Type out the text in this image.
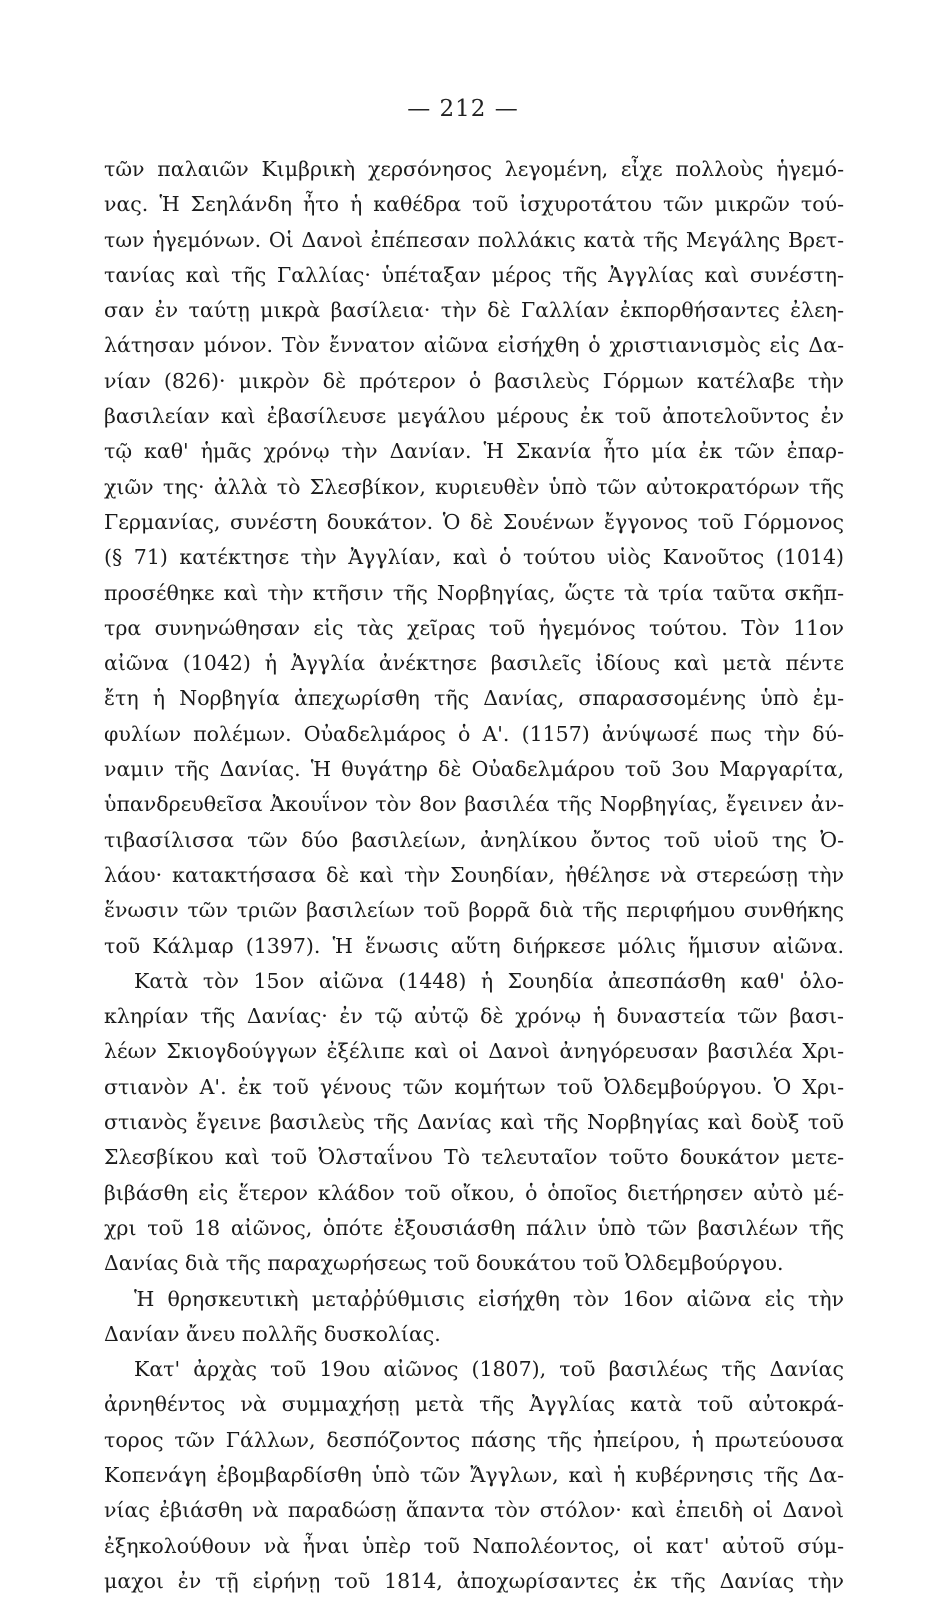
— 212 —
τῶν παλαιῶν Κιμβρικὴ χερσόνησος λεγομένη, εἶχε πολλοὺς ἡγεμό-
νας. Ἡ Σεηλάνδη ἦτο ἡ καθέδρα τοῦ ἰσχυροτάτου τῶν μικρῶν τού-
των ἡγεμόνων. Οἱ Δανοὶ ἐπέπεσαν πολλάκις κατὰ τῆς Μεγάλης Βρετ-
τανίας καὶ τῆς Γαλλίας· ὑπέταξαν μέρος τῆς Ἀγγλίας καὶ συνέστη-
σαν ἐν ταύτῃ μικρὰ βασίλεια· τὴν δὲ Γαλλίαν ἐκπορθήσαντες ἐλεη-
λάτησαν μόνον. Τὸν ἔννατον αἰῶνα εἰσήχθη ὁ χριστιανισμὸς εἰς Δα-
νίαν (826)· μικρὸν δὲ πρότερον ὁ βασιλεὺς Γόρμων κατέλαβε τὴν
βασιλείαν καὶ ἐβασίλευσε μεγάλου μέρους ἐκ τοῦ ἀποτελοῦντος ἐν
τῷ καθ' ἡμᾶς χρόνῳ τὴν Δανίαν. Ἡ Σκανία ἦτο μία ἐκ τῶν ἐπαρ-
χιῶν της· ἀλλὰ τὸ Σλεσβίκον, κυριευθὲν ὑπὸ τῶν αὐτοκρατόρων τῆς
Γερμανίας, συνέστη δουκάτον. Ὁ δὲ Σουένων ἔγγονος τοῦ Γόρμονος
(§ 71) κατέκτησε τὴν Ἀγγλίαν, καὶ ὁ τούτου υἱὸς Κανοῦτος (1014)
προσέθηκε καὶ τὴν κτῆσιν τῆς Νορβηγίας, ὥςτε τὰ τρία ταῦτα σκῆπ-
τρα συνηνώθησαν εἰς τὰς χεῖρας τοῦ ἡγεμόνος τούτου. Τὸν 11ον
αἰῶνα (1042) ἡ Ἀγγλία ἀνέκτησε βασιλεῖς ἰδίους καὶ μετὰ πέντε
ἔτη ἡ Νορβηγία ἀπεχωρίσθη τῆς Δανίας, σπαρασσομένης ὑπὸ ἐμ-
φυλίων πολέμων. Οὐαδελμάρος ὁ Α'. (1157) ἀνύψωσέ πως τὴν δύ-
ναμιν τῆς Δανίας. Ἡ θυγάτηρ δὲ Οὐαδελμάρου τοῦ 3ου Μαργαρίτα,
ὑπανδρευθεῖσα Ἀκουΐνον τὸν 8ον βασιλέα τῆς Νορβηγίας, ἔγεινεν ἀν-
τιβασίλισσα τῶν δύο βασιλείων, ἀνηλίκου ὄντος τοῦ υἱοῦ της Ὀ-
λάου· κατακτήσασα δὲ καὶ τὴν Σουηδίαν, ἠθέλησε νὰ στερεώσῃ τὴν
ἕνωσιν τῶν τριῶν βασιλείων τοῦ βορρᾶ διὰ τῆς περιφήμου συνθήκης
τοῦ Κάλμαρ (1397). Ἡ ἕνωσις αὕτη διήρκεσε μόλις ἥμισυν αἰῶνα.
Κατὰ τὸν 15ον αἰῶνα (1448) ἡ Σουηδία ἀπεσπάσθη καθ' ὁλο-
κληρίαν τῆς Δανίας· ἐν τῷ αὐτῷ δὲ χρόνῳ ἡ δυναστεία τῶν βασι-
λέων Σκιογδούγγων ἐξέλιπε καὶ οἱ Δανοὶ ἀνηγόρευσαν βασιλέα Χρι-
στιανὸν Α'. ἐκ τοῦ γένους τῶν κομήτων τοῦ Ὀλδεμβούργου. Ὁ Χρι-
στιανὸς ἔγεινε βασιλεὺς τῆς Δανίας καὶ τῆς Νορβηγίας καὶ δοὺξ τοῦ
Σλεσβίκου καὶ τοῦ Ὀλσταΐνου Τὸ τελευταῖον τοῦτο δουκάτον μετε-
βιβάσθη εἰς ἕτερον κλάδον τοῦ οἴκου, ὁ ὁποῖος διετήρησεν αὐτὸ μέ-
χρι τοῦ 18 αἰῶνος, ὁπότε ἐξουσιάσθη πάλιν ὑπὸ τῶν βασιλέων τῆς
Δανίας διὰ τῆς παραχωρήσεως τοῦ δουκάτου τοῦ Ὀλδεμβούργου.
Ἡ θρησκευτικὴ μεταῤῥύθμισις εἰσήχθη τὸν 16ον αἰῶνα εἰς τὴν
Δανίαν ἄνευ πολλῆς δυσκολίας.
Κατ' ἀρχὰς τοῦ 19ου αἰῶνος (1807), τοῦ βασιλέως τῆς Δανίας
ἀρνηθέντος νὰ συμμαχήσῃ μετὰ τῆς Ἀγγλίας κατὰ τοῦ αὐτοκρά-
τορος τῶν Γάλλων, δεσπόζοντος πάσης τῆς ἠπείρου, ἡ πρωτεύουσα
Κοπενάγη ἐβομβαρδίσθη ὑπὸ τῶν Ἄγγλων, καὶ ἡ κυβέρνησις τῆς Δα-
νίας ἐβιάσθη νὰ παραδώσῃ ἅπαντα τὸν στόλον· καὶ ἐπειδὴ οἱ Δανοὶ
ἐξηκολούθουν νὰ ἦναι ὑπὲρ τοῦ Ναπολέοντος, οἱ κατ' αὐτοῦ σύμ-
μαχοι ἐν τῇ εἰρήνῃ τοῦ 1814, ἀποχωρίσαντες ἐκ τῆς Δανίας τὴν
